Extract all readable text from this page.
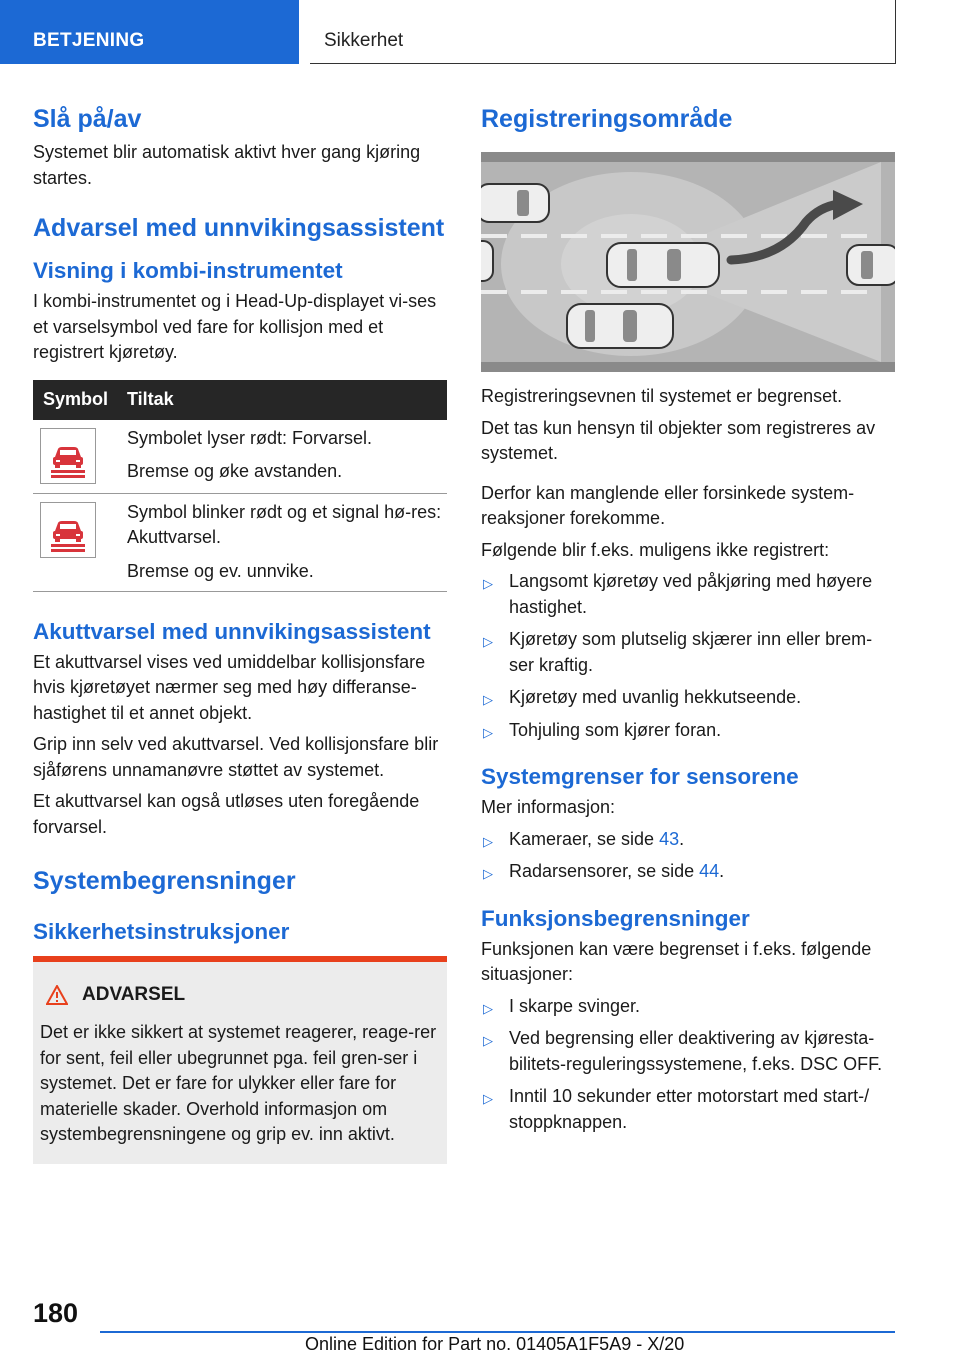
BETJENING	Sikkerhet
Slå på/av
Systemet blir automatisk aktivt hver gang kjøring startes.
Advarsel med unnvikingsassistent
Visning i kombi-instrumentet
I kombi-instrumentet og i Head-Up-displayet vi-ses et varselsymbol ved fare for kollisjon med et registrert kjøretøy.
Symbol	Tiltak
Symbolet lyser rødt: Forvarsel.
Bremse og øke avstanden.
Symbol blinker rødt og et signal hø-res: Akuttvarsel.
Bremse og ev. unnvike.
Akuttvarsel med unnvikingsassistent
Et akuttvarsel vises ved umiddelbar kollisjonsfare hvis kjøretøyet nærmer seg med høy differanse-hastighet til et annet objekt.
Grip inn selv ved akuttvarsel. Ved kollisjonsfare blir sjåførens unnamanøvre støttet av systemet.
Et akuttvarsel kan også utløses uten foregående forvarsel.
Systembegrensninger
Sikkerhetsinstruksjoner
ADVARSEL
Det er ikke sikkert at systemet reagerer, reage-rer for sent, feil eller ubegrunnet pga. feil gren-ser i systemet. Det er fare for ulykker eller fare for materielle skader. Overhold informasjon om systembegrensningene og grip ev. inn aktivt.
Registreringsområde
Registreringsevnen til systemet er begrenset.
Det tas kun hensyn til objekter som registreres av systemet.
Derfor kan manglende eller forsinkede system-reaksjoner forekomme.
Følgende blir f.eks. muligens ikke registrert:
▷ Langsomt kjøretøy ved påkjøring med høyere hastighet.
▷ Kjøretøy som plutselig skjærer inn eller brem-ser kraftig.
▷ Kjøretøy med uvanlig hekkutseende.
▷ Tohjuling som kjører foran.
Systemgrenser for sensorene
Mer informasjon:
▷ Kameraer, se side 43.
▷ Radarsensorer, se side 44.
Funksjonsbegrensninger
Funksjonen kan være begrenset i f.eks. følgende situasjoner:
▷ I skarpe svinger.
▷ Ved begrensing eller deaktivering av kjøresta-bilitets-reguleringssystemene, f.eks. DSC OFF.
▷ Inntil 10 sekunder etter motorstart med start-/ stoppknappen.
180
Online Edition for Part no. 01405A1F5A9 - X/20
